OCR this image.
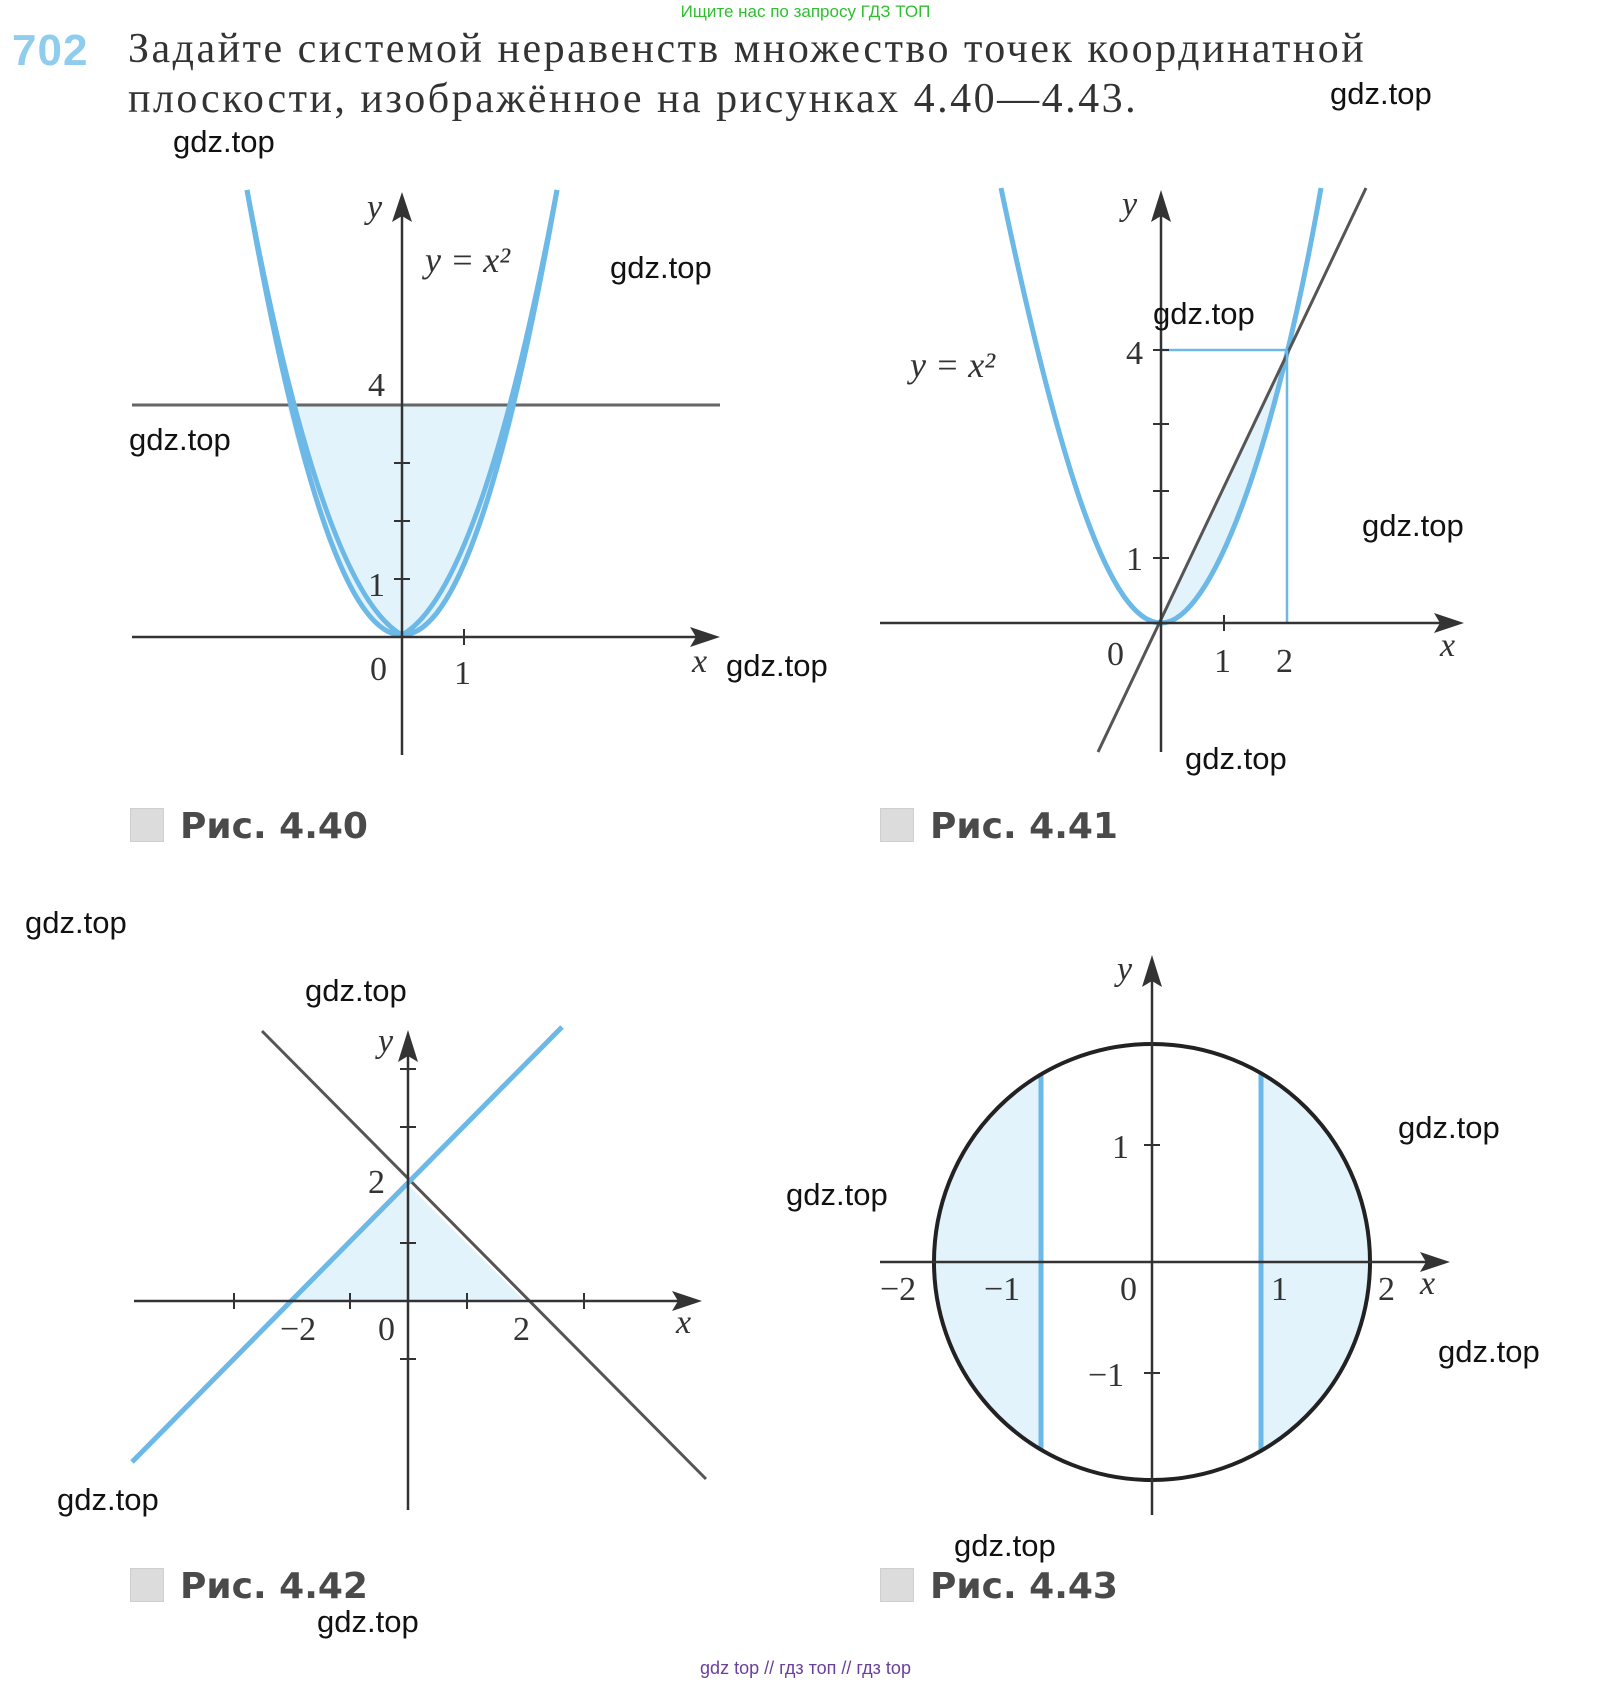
Ищите нас по запросу ГДЗ ТОП
702 Задайте системой неравенств множество точек координатной плоскости, изображённое на рисунках 4.40—4.43.
y
x
y = x²
4
1
0 1
y
x
y = x²	4
1
0	1 2
y
x
2
−2 0	2
y
x
1
−1
−2 −1	0	1	2
Рис. 4.40	Рис. 4.41
Рис. 4.42	Рис. 4.43
gdz.top
gdz.top
gdz.top
gdz.top
gdz.top
gdz.top
gdz.top
gdz.top
gdz.top
gdz.top
gdz.top
gdz.top
gdz.top
gdz.top
gdz.top
gdz.top
gdz top // гдз топ // гдз top
